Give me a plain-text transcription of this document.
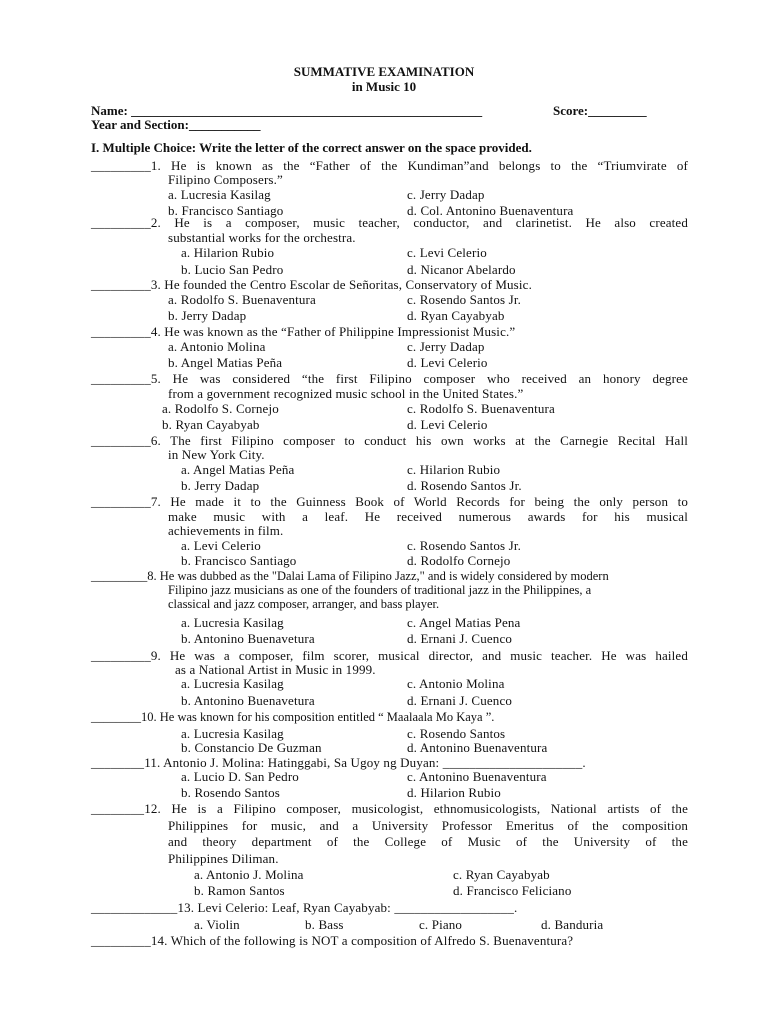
SUMMATIVE EXAMINATION
in Music 10
Name: ______________________________________________________	Score:_________
Year and Section:___________
I. Multiple Choice: Write the letter of the correct answer on the space provided.
_________1. He is known as the “Father of the Kundiman”and belongs to the “Triumvirate of
Filipino Composers.”
a. Lucresia Kasilag	c. Jerry Dadap
b. Francisco Santiago	d. Col. Antonino Buenaventura
_________2. He is a composer, music teacher, conductor, and clarinetist. He also created
substantial works for the orchestra.
a. Hilarion Rubio	c. Levi Celerio
b. Lucio San Pedro	d. Nicanor Abelardo
_________3. He founded the Centro Escolar de Señoritas, Conservatory of Music.
a. Rodolfo S. Buenaventura	c. Rosendo Santos Jr.
b. Jerry Dadap	d. Ryan Cayabyab
_________4. He was known as the “Father of Philippine Impressionist Music.”
a. Antonio Molina	c. Jerry Dadap
b. Angel Matias Peña	d. Levi Celerio
_________5. He was considered “the first Filipino composer who received an honory degree
from a government recognized music school in the United States.”
a. Rodolfo S. Cornejo	c. Rodolfo S. Buenaventura
b. Ryan Cayabyab	d. Levi Celerio
_________6. The first Filipino composer to conduct his own works at the Carnegie Recital Hall
in New York City.
a. Angel Matias Peña	c. Hilarion Rubio
b. Jerry Dadap	d. Rosendo Santos Jr.
_________7. He made it to the Guinness Book of World Records for being the only person to
make music with a leaf. He received numerous awards for his musical
achievements in film.
a. Levi Celerio	c. Rosendo Santos Jr.
b. Francisco Santiago	d. Rodolfo Cornejo
_________8. He was dubbed as the "Dalai Lama of Filipino Jazz," and is widely considered by modern
Filipino jazz musicians as one of the founders of traditional jazz in the Philippines, a
classical and jazz composer, arranger, and bass player.
a. Lucresia Kasilag	c. Angel Matias Pena
b. Antonino Buenavetura	d. Ernani J. Cuenco
_________9. He was a composer, film scorer, musical director, and music teacher. He was hailed
as a National Artist in Music in 1999.
a. Lucresia Kasilag	c. Antonio Molina
b. Antonino Buenavetura	d. Ernani J. Cuenco
________10. He was known for his composition entitled “ Maalaala Mo Kaya ”.
a. Lucresia Kasilag	c. Rosendo Santos
b. Constancio De Guzman	d. Antonino Buenaventura
________11. Antonio J. Molina: Hatinggabi, Sa Ugoy ng Duyan: _____________________.
a. Lucio D. San Pedro	c. Antonino Buenaventura
b. Rosendo Santos	d. Hilarion Rubio
________12. He is a Filipino composer, musicologist, ethnomusicologists, National artists of the
Philippines for music, and a University Professor Emeritus of the composition
and theory department of the College of Music of the University of the
Philippines Diliman.
a. Antonio J. Molina	c. Ryan Cayabyab
b. Ramon Santos	d. Francisco Feliciano
_____________13. Levi Celerio: Leaf, Ryan Cayabyab: __________________.
a. Violin	b. Bass	c. Piano	d. Banduria
_________14. Which of the following is NOT a composition of Alfredo S. Buenaventura?
